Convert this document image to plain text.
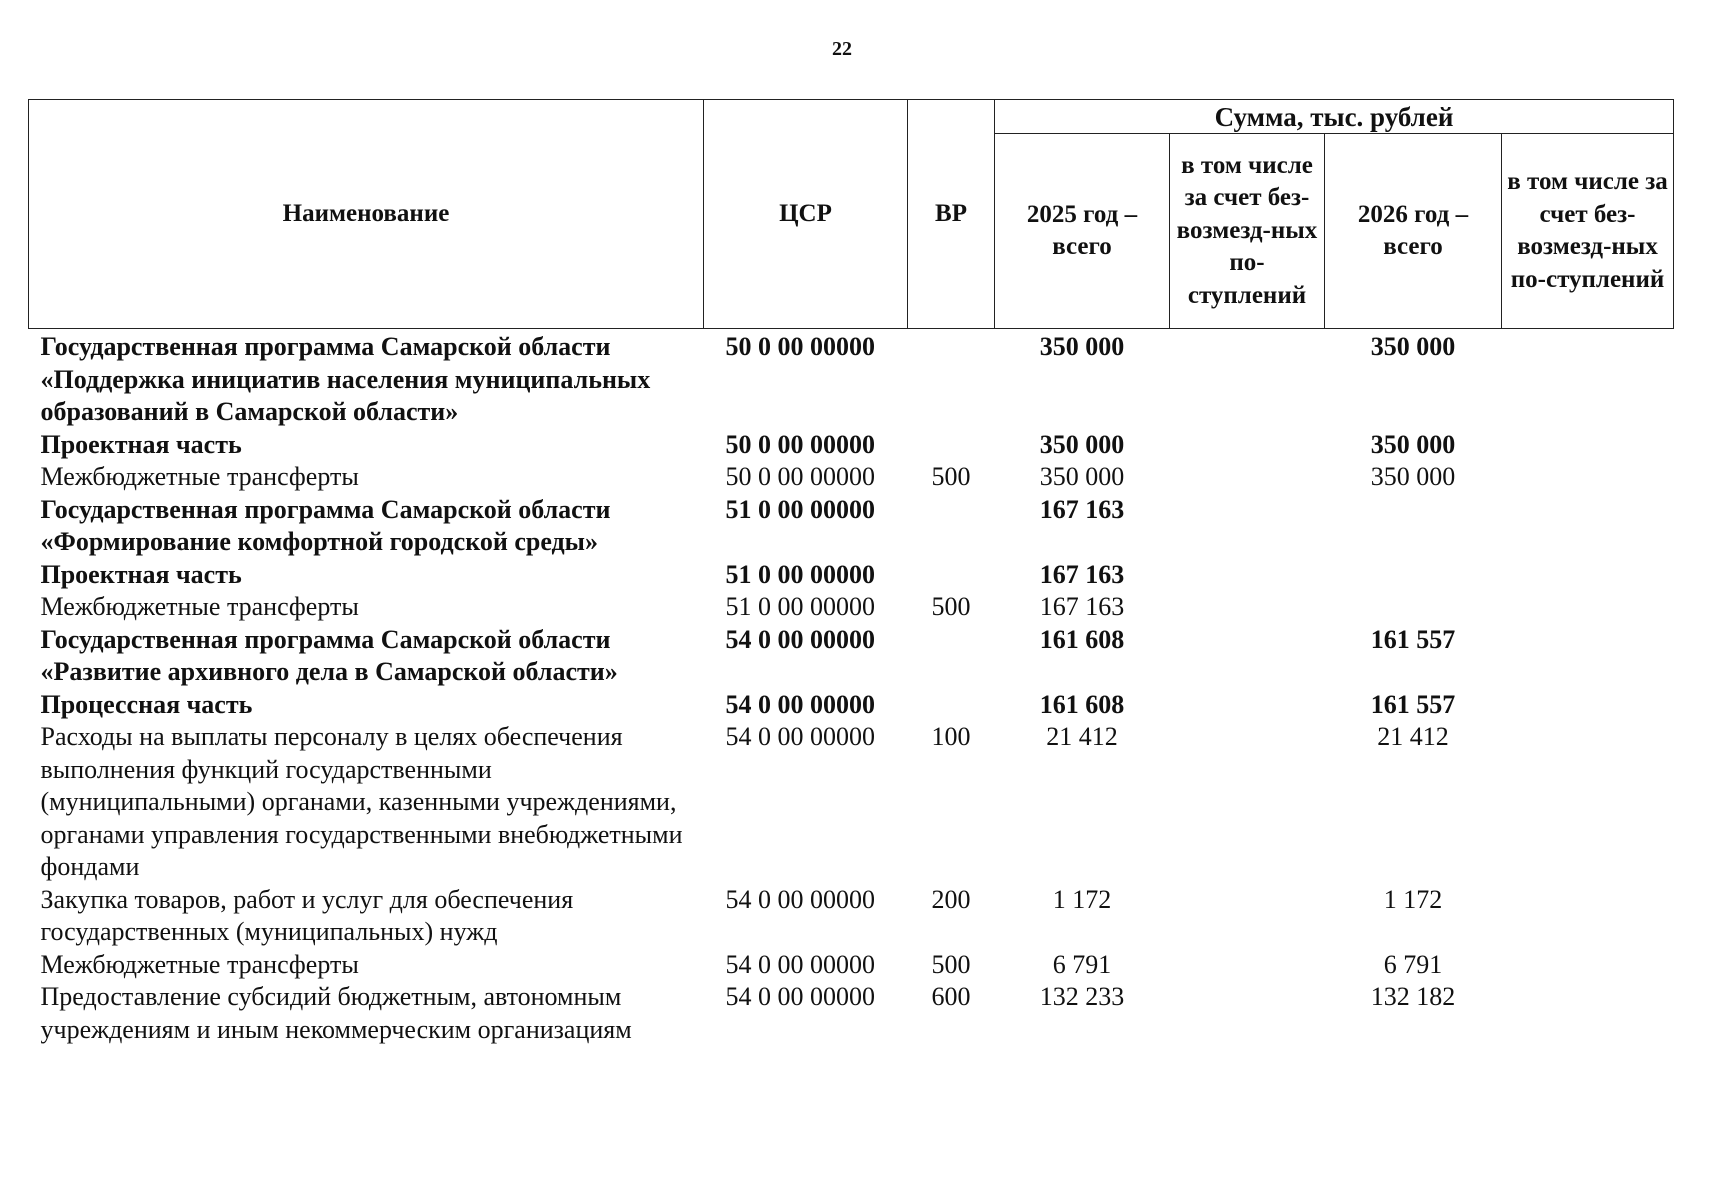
22
Наименование	ЦСР	ВР	Сумма, тыс. рублей			
			2025 год – всего	в том числе за счет без-возмезд-ных по-ступлений	2026 год – всего	в том числе за счет без-возмезд-ных по-ступлений
Государственная программа Самарской области «Поддержка инициатив населения муниципальных образований в Самарской области»	50 0 00 00000		350 000		350 000	
Проектная часть	50 0 00 00000		350 000		350 000	
Межбюджетные трансферты	50 0 00 00000	500	350 000		350 000	
Государственная программа Самарской области «Формирование комфортной городской среды»	51 0 00 00000		167 163			
Проектная часть	51 0 00 00000		167 163			
Межбюджетные трансферты	51 0 00 00000	500	167 163			
Государственная программа Самарской области «Развитие архивного дела в Самарской области»	54 0 00 00000		161 608		161 557	
Процессная часть	54 0 00 00000		161 608		161 557	
Расходы на выплаты персоналу в целях обеспечения выполнения функций государственными (муниципальными) органами, казенными учреждениями, органами управления государственными внебюджетными фондами	54 0 00 00000	100	21 412		21 412	
Закупка товаров, работ и услуг для обеспечения государственных (муниципальных) нужд	54 0 00 00000	200	1 172		1 172	
Межбюджетные трансферты	54 0 00 00000	500	6 791		6 791	
Предоставление субсидий бюджетным, автономным учреждениям и иным некоммерческим организациям	54 0 00 00000	600	132 233		132 182	
